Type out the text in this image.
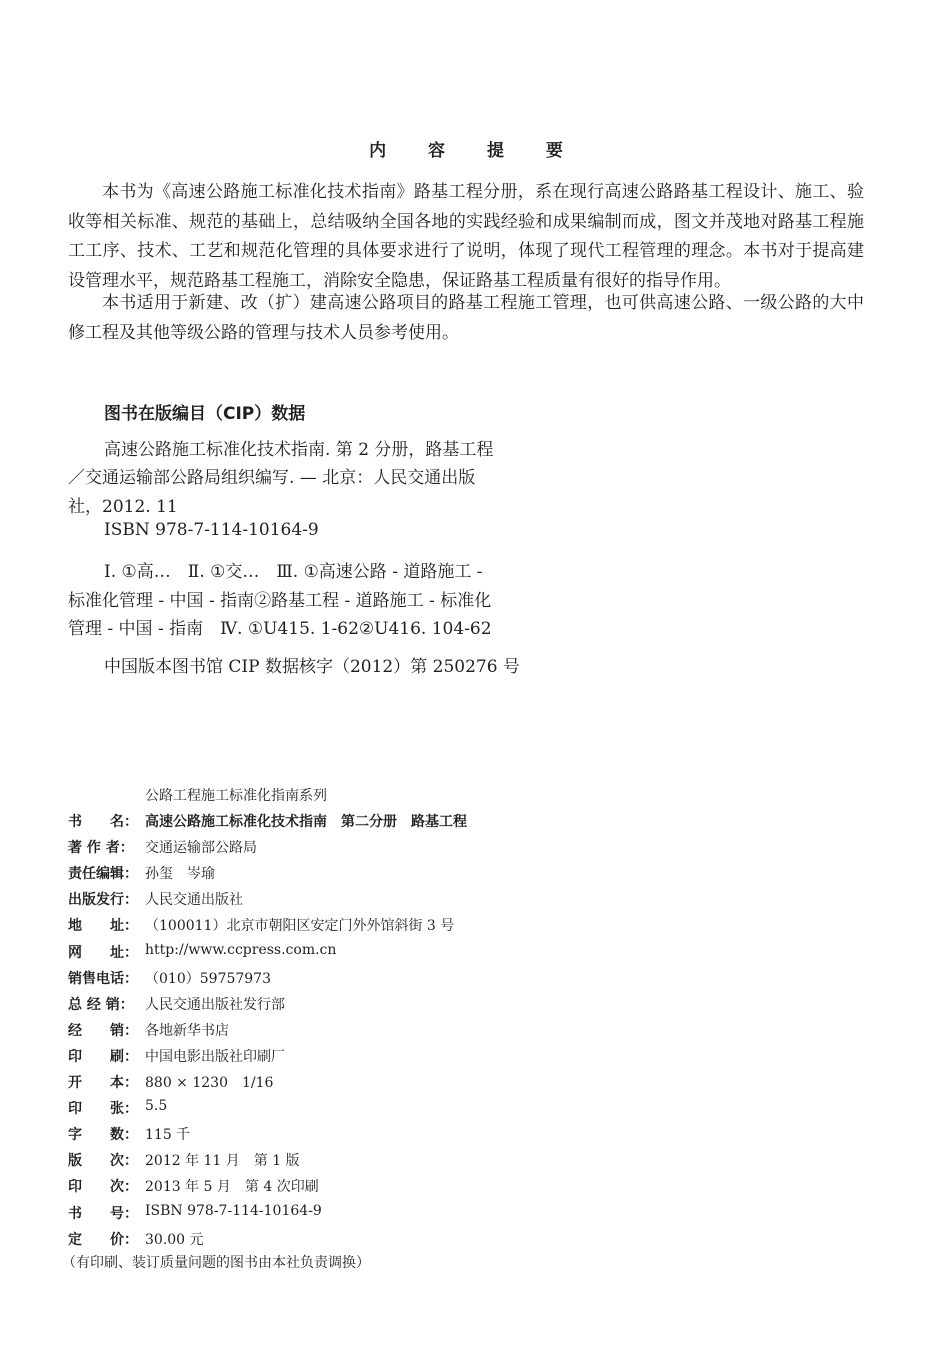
内 容 提 要
本书为《高速公路施工标准化技术指南》路基工程分册，系在现行高速公路路基工程设计、施工、验收等相关标准、规范的基础上，总结吸纳全国各地的实践经验和成果编制而成，图文并茂地对路基工程施工工序、技术、工艺和规范化管理的具体要求进行了说明，体现了现代工程管理的理念。本书对于提高建设管理水平，规范路基工程施工，消除安全隐患，保证路基工程质量有很好的指导作用。
本书适用于新建、改（扩）建高速公路项目的路基工程施工管理，也可供高速公路、一级公路的大中修工程及其他等级公路的管理与技术人员参考使用。
图书在版编目（CIP）数据
高速公路施工标准化技术指南. 第 2 分册，路基工程
／交通运输部公路局组织编写. — 北京：人民交通出版
社，2012. 11
ISBN 978-7-114-10164-9
Ⅰ. ①高…　Ⅱ. ①交…　Ⅲ. ①高速公路 - 道路施工 -
标准化管理 - 中国 - 指南②路基工程 - 道路施工 - 标准化
管理 - 中国 - 指南　Ⅳ. ①U415. 1-62②U416. 104-62
中国版本图书馆 CIP 数据核字（2012）第 250276 号
公路工程施工标准化指南系列
书　　名： 高速公路施工标准化技术指南　第二分册　路基工程
著 作 者： 交通运输部公路局
责任编辑： 孙玺　岑瑜
出版发行： 人民交通出版社
地　　址： （100011）北京市朝阳区安定门外外馆斜街 3 号
网　　址： http://www.ccpress.com.cn
销售电话： （010）59757973
总 经 销： 人民交通出版社发行部
经　　销： 各地新华书店
印　　刷： 中国电影出版社印刷厂
开　　本： 880 × 1230　1/16
印　　张： 5.5
字　　数： 115 千
版　　次： 2012 年 11 月　第 1 版
印　　次： 2013 年 5 月　第 4 次印刷
书　　号： ISBN 978-7-114-10164-9
定　　价： 30.00 元
（有印刷、装订质量问题的图书由本社负责调换）
